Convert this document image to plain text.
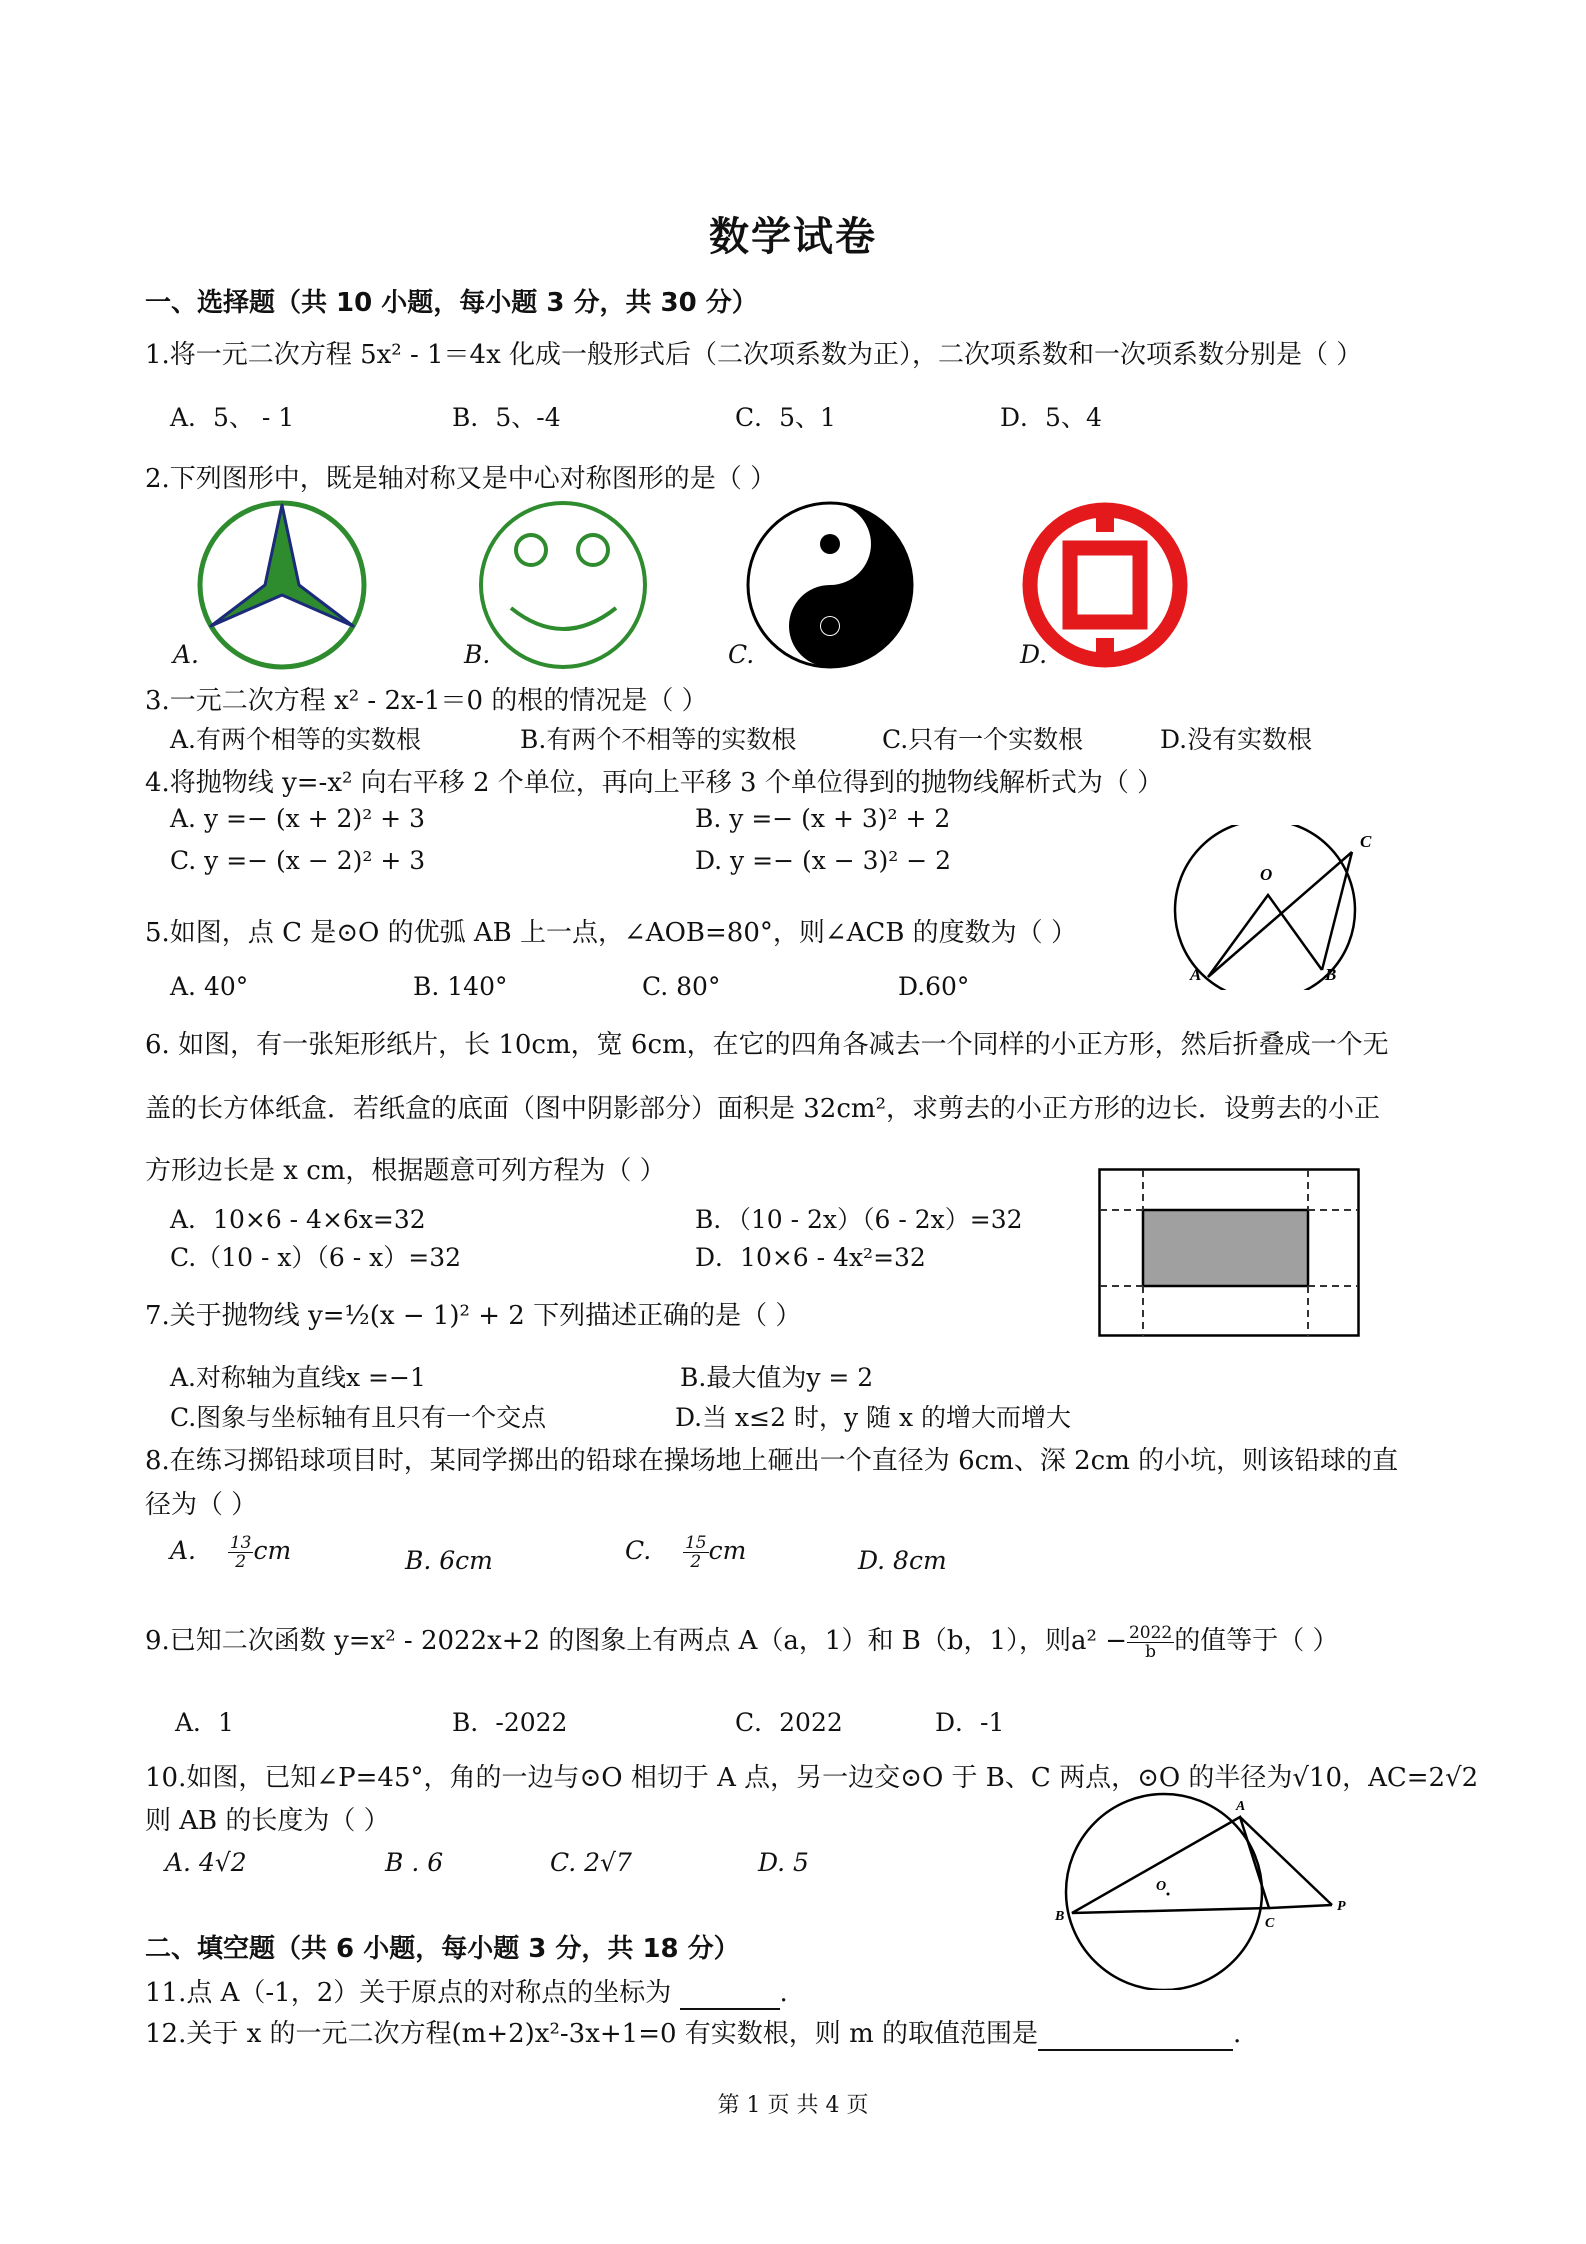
数学试卷
一、选择题（共 10 小题，每小题 3 分，共 30 分）
1.将一元二次方程 5x² - 1＝4x 化成一般形式后（二次项系数为正），二次项系数和一次项系数分别是（ ）
A．5、 - 1	B．5、-4	C．5、1	D．5、4
2.下列图形中，既是轴对称又是中心对称图形的是（ ）
A.	B.	C.	D.
3.一元二次方程 x² - 2x-1＝0 的根的情况是（ ）
A.有两个相等的实数根	B.有两个不相等的实数根	C.只有一个实数根	D.没有实数根
4.将抛物线 y=-x² 向右平移 2 个单位，再向上平移 3 个单位得到的抛物线解析式为（ ）
A. y =− (x + 2)² + 3	B. y =− (x + 3)² + 2
C. y =− (x − 2)² + 3	D. y =− (x − 3)² − 2	O
A	B
C
5.如图，点 C 是⊙O 的优弧 AB 上一点，∠AOB=80°，则∠ACB 的度数为（ ）
A. 40°	B. 140°	C. 80°	D.60°
6. 如图，有一张矩形纸片，长 10cm，宽 6cm，在它的四角各减去一个同样的小正方形，然后折叠成一个无
盖的长方体纸盒．若纸盒的底面（图中阴影部分）面积是 32cm²，求剪去的小正方形的边长．设剪去的小正
方形边长是 x cm，根据题意可列方程为（ ）
A．10×6 - 4×6x=32	B．（10 - 2x）（6 - 2x）=32
C.（10 - x）（6 - x）=32	D．10×6 - 4x²=32
7.关于抛物线 y=½(x − 1)² + 2 下列描述正确的是（ ）
A.对称轴为直线x =−1	B.最大值为y = 2
C.图象与坐标轴有且只有一个交点	D.当 x≤2 时，y 随 x 的增大而增大
8.在练习掷铅球项目时，某同学掷出的铅球在操场地上砸出一个直径为 6cm、深 2cm 的小坑，则该铅球的直
径为（ ）
A. $\frac{13}{2}$ cm	B. 6cm	C. $\frac{15}{2}$ cm	D. 8cm
9.已知二次函数 y=x² - 2022x+2 的图象上有两点 A（a，1）和 B（b，1），则$a^2 - \frac{2022}{b}$ 的值等于（ ）
A．1	B．-2022	C．2022	D．-1
10.如图，已知∠P=45°，角的一边与⊙O 相切于 A 点，另一边交⊙O 于 B、C 两点，⊙O 的半径为√10，AC=2√2
则 AB 的长度为（ ）
A. 4√2	B . 6	C. 2√7	D. 5
A
O
B	C
P
二、填空题（共 6 小题，每小题 3 分，共 18 分）
11.点 A（-1，2）关于原点的对称点的坐标为	.
12.关于 x 的一元二次方程(m+2)x²-3x+1=0 有实数根，则 m 的取值范围是	.
第 1 页 共 4 页
